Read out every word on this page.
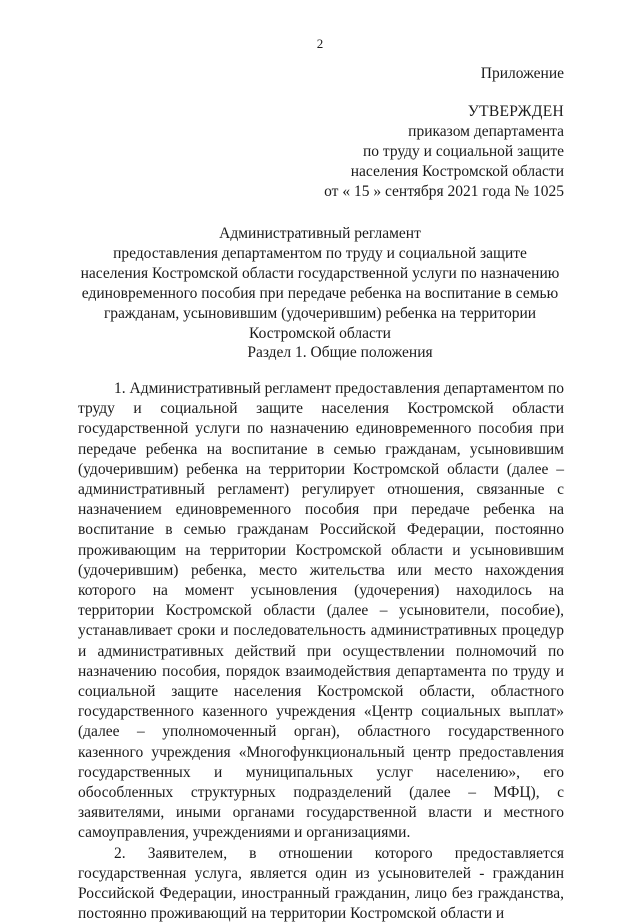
2
Приложение
УТВЕРЖДЕН
приказом департамента
по труду и социальной защите
населения Костромской области
от « 15 » сентября 2021 года № 1025
Административный регламент
предоставления департаментом по труду и социальной защите
населения Костромской области государственной услуги по назначению
единовременного пособия при передаче ребенка на воспитание в семью
гражданам, усыновившим (удочерившим) ребенка на территории
Костромской области
Раздел 1. Общие положения

1. Административный регламент предоставления департаментом по труду и социальной защите населения Костромской области государственной услуги по назначению единовременного пособия при передаче ребенка на воспитание в семью гражданам, усыновившим (удочерившим) ребенка на территории Костромской области (далее – административный регламент) регулирует отношения, связанные с назначением единовременного пособия при передаче ребенка на воспитание в семью гражданам Российской Федерации, постоянно проживающим на территории Костромской области и усыновившим (удочерившим) ребенка, место жительства или место нахождения которого на момент усыновления (удочерения) находилось на территории Костромской области (далее – усыновители, пособие), устанавливает сроки и последовательность административных процедур и административных действий при осуществлении полномочий по назначению пособия, порядок взаимодействия департамента по труду и социальной защите населения Костромской области, областного государственного казенного учреждения «Центр социальных выплат» (далее – уполномоченный орган), областного государственного казенного учреждения «Многофункциональный центр предоставления государственных и муниципальных услуг населению», его обособленных структурных подразделений (далее – МФЦ), с заявителями, иными органами государственной власти и местного самоуправления, учреждениями и организациями.

2. Заявителем, в отношении которого предоставляется государственная услуга, является один из усыновителей - гражданин Российской Федерации, иностранный гражданин, лицо без гражданства, постоянно проживающий на территории Костромской области и
